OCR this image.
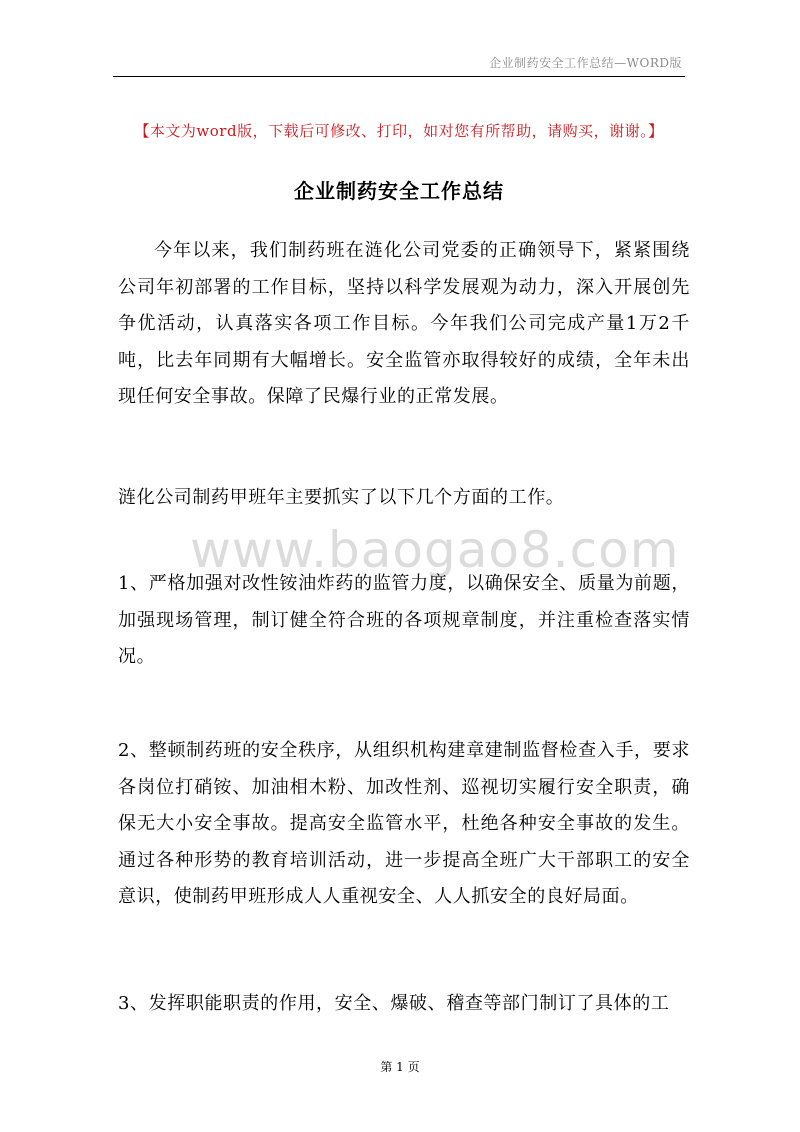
企业制药安全工作总结—WORD版
【本文为word版，下载后可修改、打印，如对您有所帮助，请购买，谢谢。】
企业制药安全工作总结

今年以来，我们制药班在涟化公司党委的正确领导下，紧紧围绕公司年初部署的工作目标，坚持以科学发展观为动力，深入开展创先争优活动，认真落实各项工作目标。今年我们公司完成产量1万2千吨，比去年同期有大幅增长。安全监管亦取得较好的成绩，全年未出现任何安全事故。保障了民爆行业的正常发展。

涟化公司制药甲班年主要抓实了以下几个方面的工作。

www.baogao8.com

1、严格加强对改性铵油炸药的监管力度，以确保安全、质量为前题，加强现场管理，制订健全符合班的各项规章制度，并注重检查落实情况。

2、整顿制药班的安全秩序，从组织机构建章建制监督检查入手，要求各岗位打硝铵、加油相木粉、加改性剂、巡视切实履行安全职责，确保无大小安全事故。提高安全监管水平，杜绝各种安全事故的发生。通过各种形势的教育培训活动，进一步提高全班广大干部职工的安全意识，使制药甲班形成人人重视安全、人人抓安全的良好局面。

3、发挥职能职责的作用，安全、爆破、稽查等部门制订了具体的工

第 1 页
